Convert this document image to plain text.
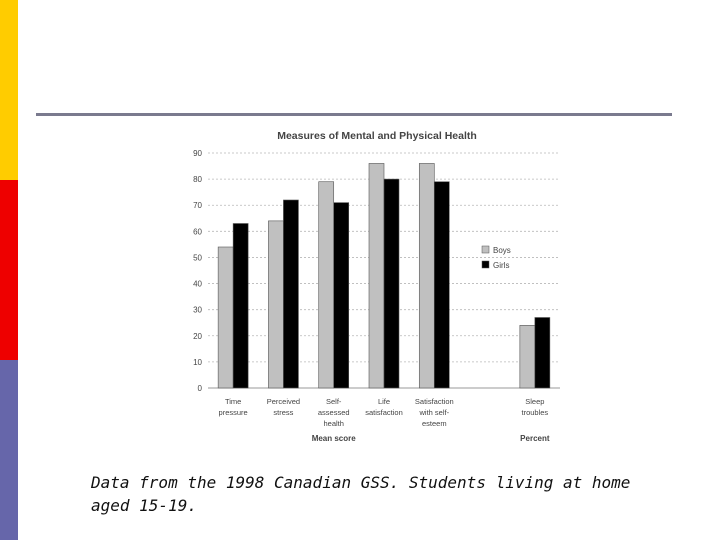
Measures of Mental and Physical Health
0
10
20
30
40
50
60
70
80
90
Time
pressure
Perceived
stress
Self-
assessed
health
Life
satisfaction
Satisfaction
with self-
esteem
Sleep
troubles
Mean score	Percent
Boys
Girls
Data from the 1998 Canadian GSS. Students living at home
aged 15-19.
